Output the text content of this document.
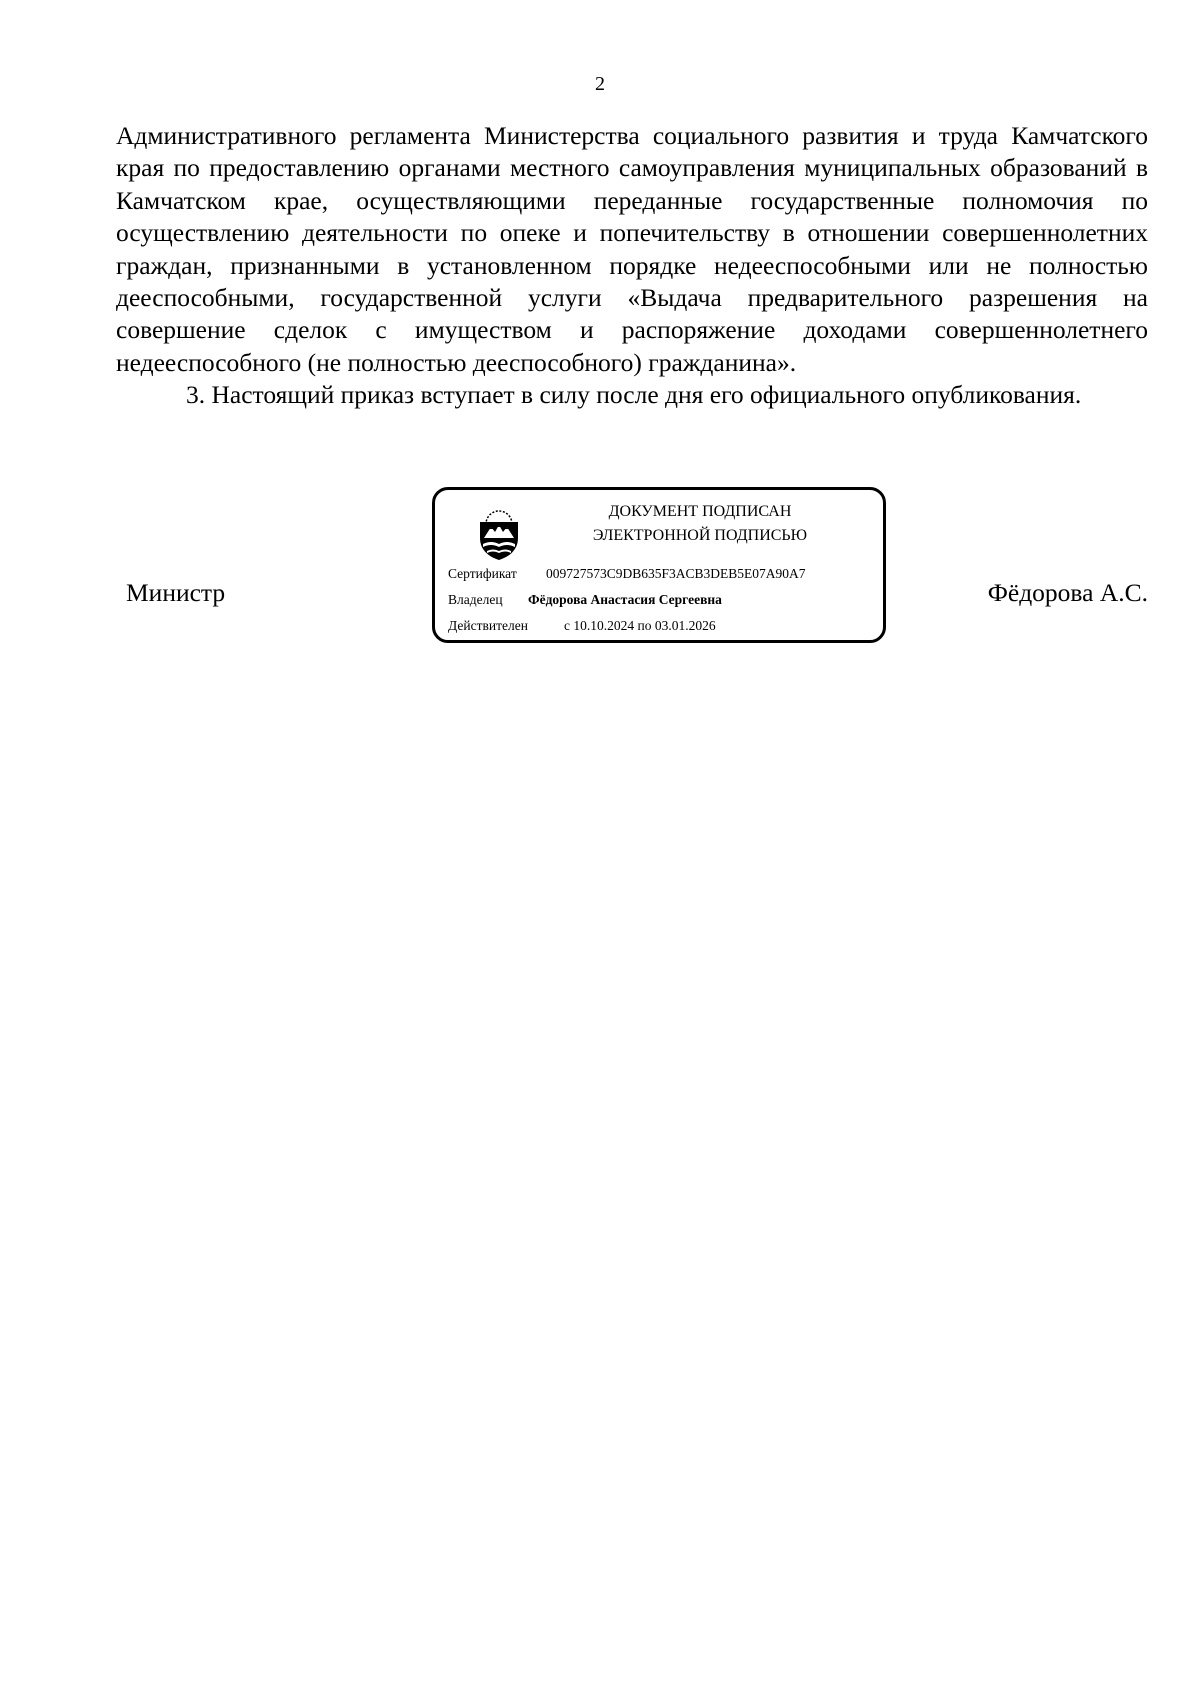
2

Административного регламента Министерства социального развития и труда Камчатского края по предоставлению органами местного самоуправления муниципальных образований в Камчатском крае, осуществляющими переданные государственные полномочия по осуществлению деятельности по опеке и попечительству в отношении совершеннолетних граждан, признанными в установленном порядке недееспособными или не полностью дееспособными, государственной услуги «Выдача предварительного разрешения на совершение сделок с имуществом и распоряжение доходами совершеннолетнего недееспособного (не полностью дееспособного) гражданина».

3. Настоящий приказ вступает в силу после дня его официального опубликования.

Министр
ДОКУМЕНТ ПОДПИСАН
ЭЛЕКТРОННОЙ ПОДПИСЬЮ
Сертификат 009727573C9DB635F3ACB3DEB5E07A90A7
Владелец Фёдорова Анастасия Сергеевна
Действителен	с 10.10.2024 по 03.01.2026
Фёдорова А.С.
